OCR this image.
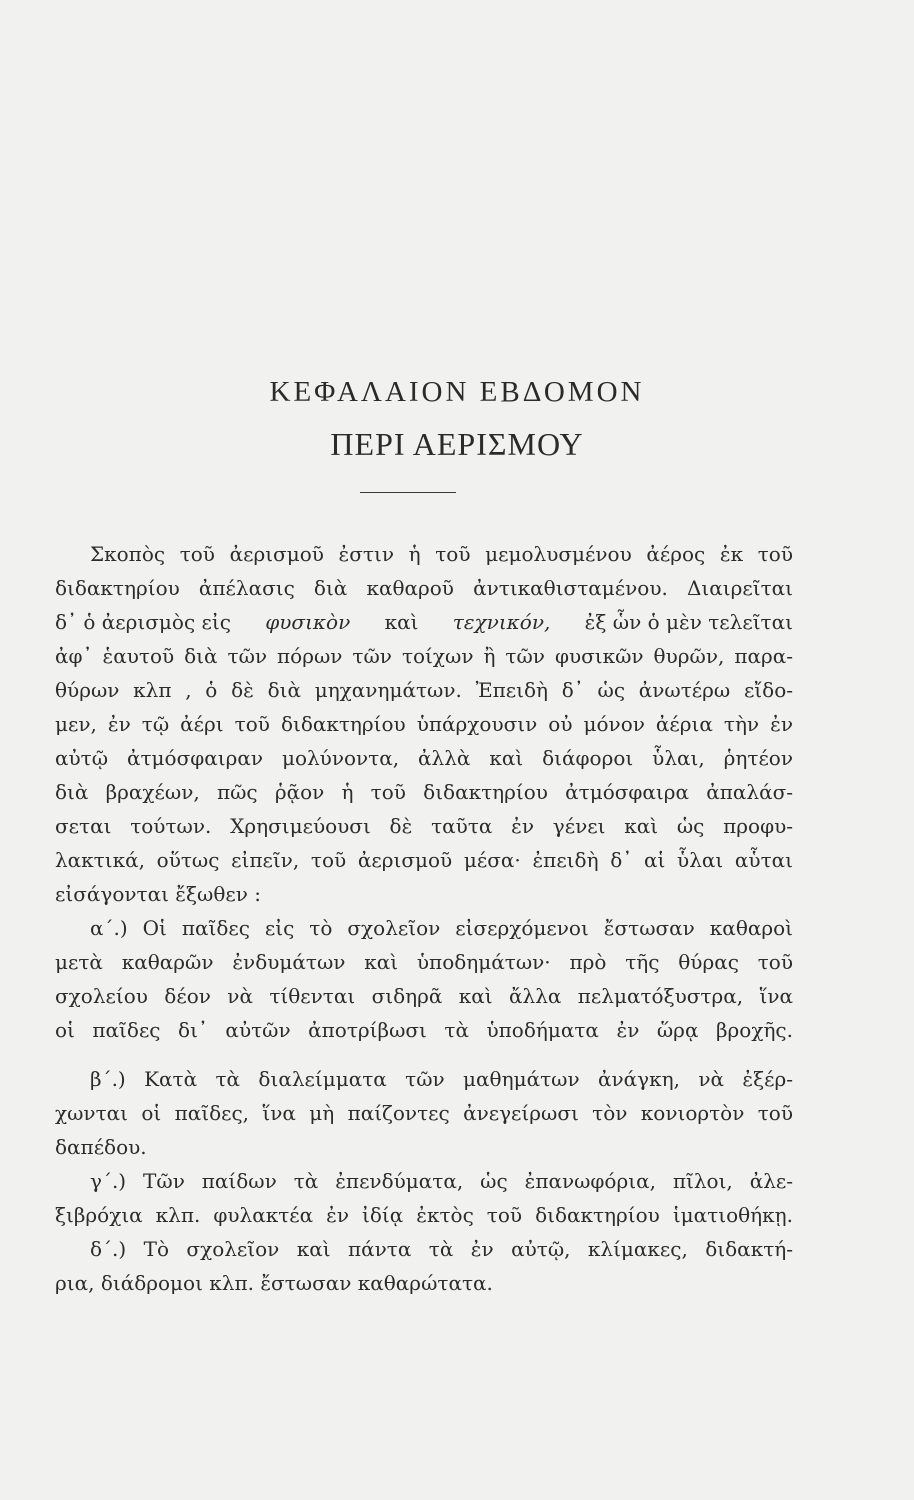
ΚΕΦΑΛΑΙΟΝ ΕΒΔΟΜΟΝ
ΠΕΡΙ ΑΕΡΙΣΜΟΥ
Σκοπὸς τοῦ ἀερισμοῦ ἐστιν ἡ τοῦ μεμολυσμένου ἀέρος ἐκ τοῦ
διδακτηρίου ἀπέλασις διὰ καθαροῦ ἀντικαθισταμένου. Διαιρεῖται
δ᾽ ὁ ἀερισμὸς εἰς φυσικὸν καὶ τεχνικόν, ἐξ ὧν ὁ μὲν τελεῖται
ἀφ᾽ ἑαυτοῦ διὰ τῶν πόρων τῶν τοίχων ἢ τῶν φυσικῶν θυρῶν, παρα-
θύρων κλπ , ὁ δὲ διὰ μηχανημάτων. Ἐπειδὴ δ᾽ ὡς ἀνωτέρω εἴδο-
μεν, ἐν τῷ ἀέρι τοῦ διδακτηρίου ὑπάρχουσιν οὐ μόνον ἀέρια τὴν ἐν
αὐτῷ ἀτμόσφαιραν μολύνοντα, ἀλλὰ καὶ διάφοροι ὗλαι, ῥητέον
διὰ βραχέων, πῶς ῥᾷον ἡ τοῦ διδακτηρίου ἀτμόσφαιρα ἀπαλάσ-
σεται τούτων. Χρησιμεύουσι δὲ ταῦτα ἐν γένει καὶ ὡς προφυ-
λακτικά, οὕτως εἰπεῖν, τοῦ ἀερισμοῦ μέσα· ἐπειδὴ δ᾽ αἱ ὗλαι αὗται
εἰσάγονται ἔξωθεν :
α΄.) Οἱ παῖδες εἰς τὸ σχολεῖον εἰσερχόμενοι ἔστωσαν καθαροὶ
μετὰ καθαρῶν ἐνδυμάτων καὶ ὑποδημάτων· πρὸ τῆς θύρας τοῦ
σχολείου δέον νὰ τίθενται σιδηρᾶ καὶ ἄλλα πελματόξυστρα, ἵνα
οἱ παῖδες δι᾽ αὐτῶν ἀποτρίβωσι τὰ ὑποδήματα ἐν ὥρᾳ βροχῆς.
β΄.) Κατὰ τὰ διαλείμματα τῶν μαθημάτων ἀνάγκη, νὰ ἐξέρ-
χωνται οἱ παῖδες, ἵνα μὴ παίζοντες ἀνεγείρωσι τὸν κονιορτὸν τοῦ
δαπέδου.
γ΄.) Τῶν παίδων τὰ ἐπενδύματα, ὡς ἐπανωφόρια, πῖλοι, ἀλε-
ξιβρόχια κλπ. φυλακτέα ἐν ἰδίᾳ ἐκτὸς τοῦ διδακτηρίου ἱματιοθήκῃ.
δ΄.) Τὸ σχολεῖον καὶ πάντα τὰ ἐν αὐτῷ, κλίμακες, διδακτή-
ρια, διάδρομοι κλπ. ἔστωσαν καθαρώτατα.
